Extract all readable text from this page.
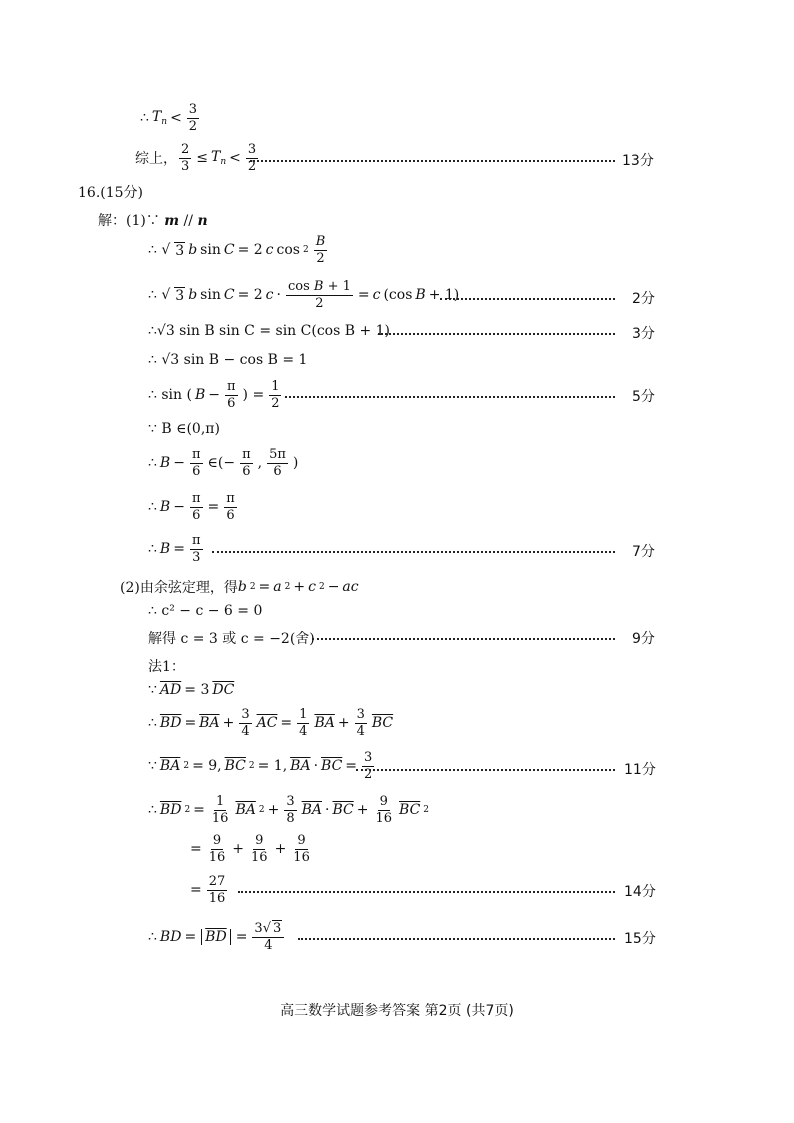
∴ $T_n < \frac{3}{2}$
综上， $\frac{2}{3} \le T_n < \frac{3}{2}$	13分
16.(15分)
解：(1)∵ m // n
∴ √ 3 b sin C = 2 c $\cos 2 \frac{B}{2}$
∴ √ 3 b sin C = 2 $c \cdot \frac{\text{cos B + 1}}{2} = c$ (cos B + 1)	2分
∴√3 sin B sin C = sin C(cos B + 1)	3分
∴ √3 sin B − cos B = 1
∴ sin ( $B - \frac{\pi}{6}$ ) = $\frac{1}{2}$	5分
∵ B ∈(0,π)
∴ $B - \frac{\pi}{6}$ ∈(− $\frac{\pi}{6}$ , $\frac{5\pi}{6}$ )
∴ $B - \frac{\pi}{6} = \frac{\pi}{6}$
∴ $B = \frac{\pi}{3}$	7分
(2)由余弦定理，得 b 2 = a 2 + c 2 − ac
∴ c² − c − 6 = 0
解得 c = 3 或 c = −2(舍)	9分
法1：
∵ $\overline{AD} = 3$ $\overline{DC}$
∴ $\overline{BD} = \overline{BA} + \frac{3}{4} \overline{AC} = \frac{1}{4} \overline{BA} + \frac{3}{4} \overline{BC}$
∵ $\overline{BA}$ 2 = 9, $\overline{BC}$ 2 = 1, $\overline{BA} \cdot \overline{BC} = \frac{3}{2}$	11分
∴ $\overline{BD}$ $2 = \frac{1}{16} \overline{BA}$ $2 + \frac{3}{8} \overline{BA} \cdot \overline{BC} + \frac{9}{16} \overline{BC}$ 2
= $\frac{9}{16} + \frac{9}{16} + \frac{9}{16}$
= $\frac{27}{16}$	14分
∴ BD = $\overline{BD} = \frac{3√ 3}{4}$	15分
高三数学试题参考答案 第2页 (共7页)
